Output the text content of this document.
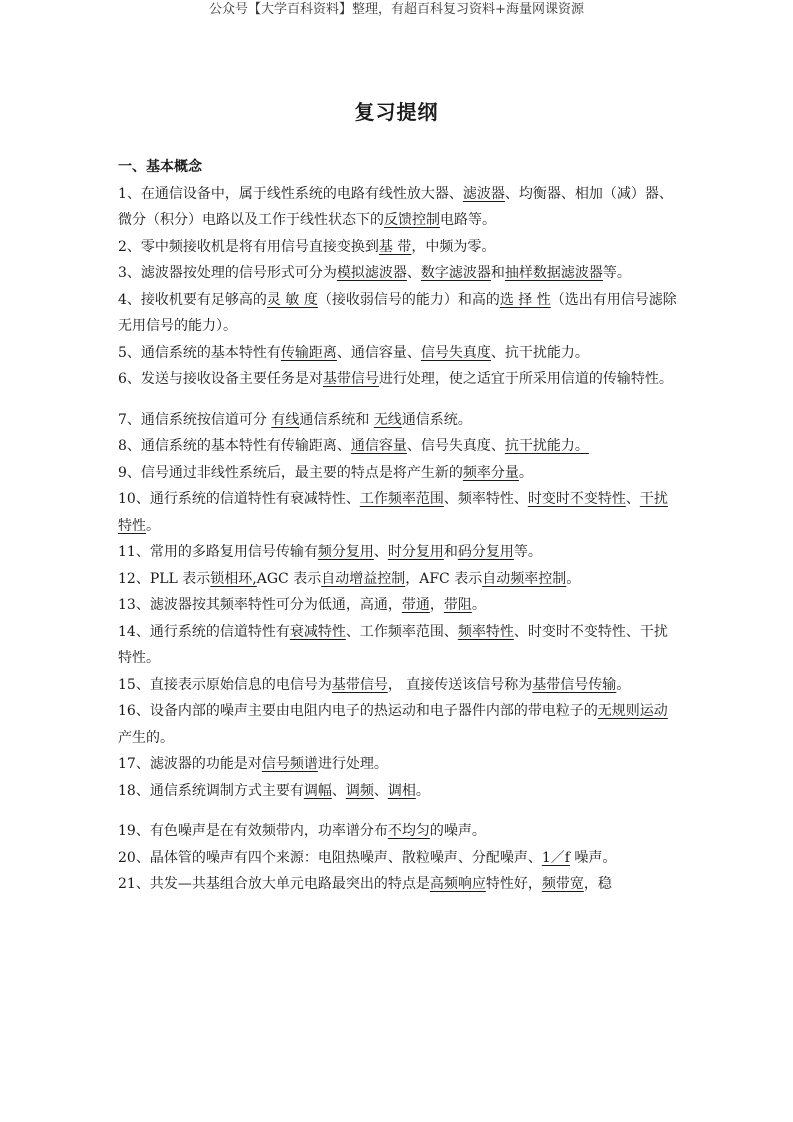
公众号【大学百科资料】整理，有超百科复习资料+海量网课资源
复习提纲
一、基本概念

1、在通信设备中，属于线性系统的电路有线性放大器、滤波器、均衡器、相加（减）器、微分（积分）电路以及工作于线性状态下的反馈控制电路等。

2、零中频接收机是将有用信号直接变换到基 带，中频为零。

3、滤波器按处理的信号形式可分为模拟滤波器、数字滤波器和抽样数据滤波器等。

4、接收机要有足够高的灵 敏 度（接收弱信号的能力）和高的选 择 性（选出有用信号滤除无用信号的能力）。

5、通信系统的基本特性有传输距离、通信容量、信号失真度、抗干扰能力。

6、发送与接收设备主要任务是对基带信号进行处理，使之适宜于所采用信道的传输特性。

7、通信系统按信道可分 有线通信系统和 无线通信系统。

8、通信系统的基本特性有传输距离、通信容量、信号失真度、抗干扰能力。

9、信号通过非线性系统后，最主要的特点是将产生新的频率分量。

10、通行系统的信道特性有衰减特性、工作频率范围、频率特性、时变时不变特性、干扰特性。

11、常用的多路复用信号传输有频分复用、时分复用和码分复用等。

12、PLL 表示锁相环,AGC 表示自动增益控制，AFC 表示自动频率控制。

13、滤波器按其频率特性可分为低通，高通，带通，带阻。

14、通行系统的信道特性有衰减特性、工作频率范围、频率特性、时变时不变特性、干扰特性。

15、直接表示原始信息的电信号为基带信号， 直接传送该信号称为基带信号传输。

16、设备内部的噪声主要由电阻内电子的热运动和电子器件内部的带电粒子的无规则运动产生的。

17、滤波器的功能是对信号频谱进行处理。

18、通信系统调制方式主要有调幅、调频、调相。

19、有色噪声是在有效频带内，功率谱分布不均匀的噪声。

20、晶体管的噪声有四个来源：电阻热噪声、散粒噪声、分配噪声、1／f 噪声。

21、共发—共基组合放大单元电路最突出的特点是高频响应特性好，频带宽，稳
